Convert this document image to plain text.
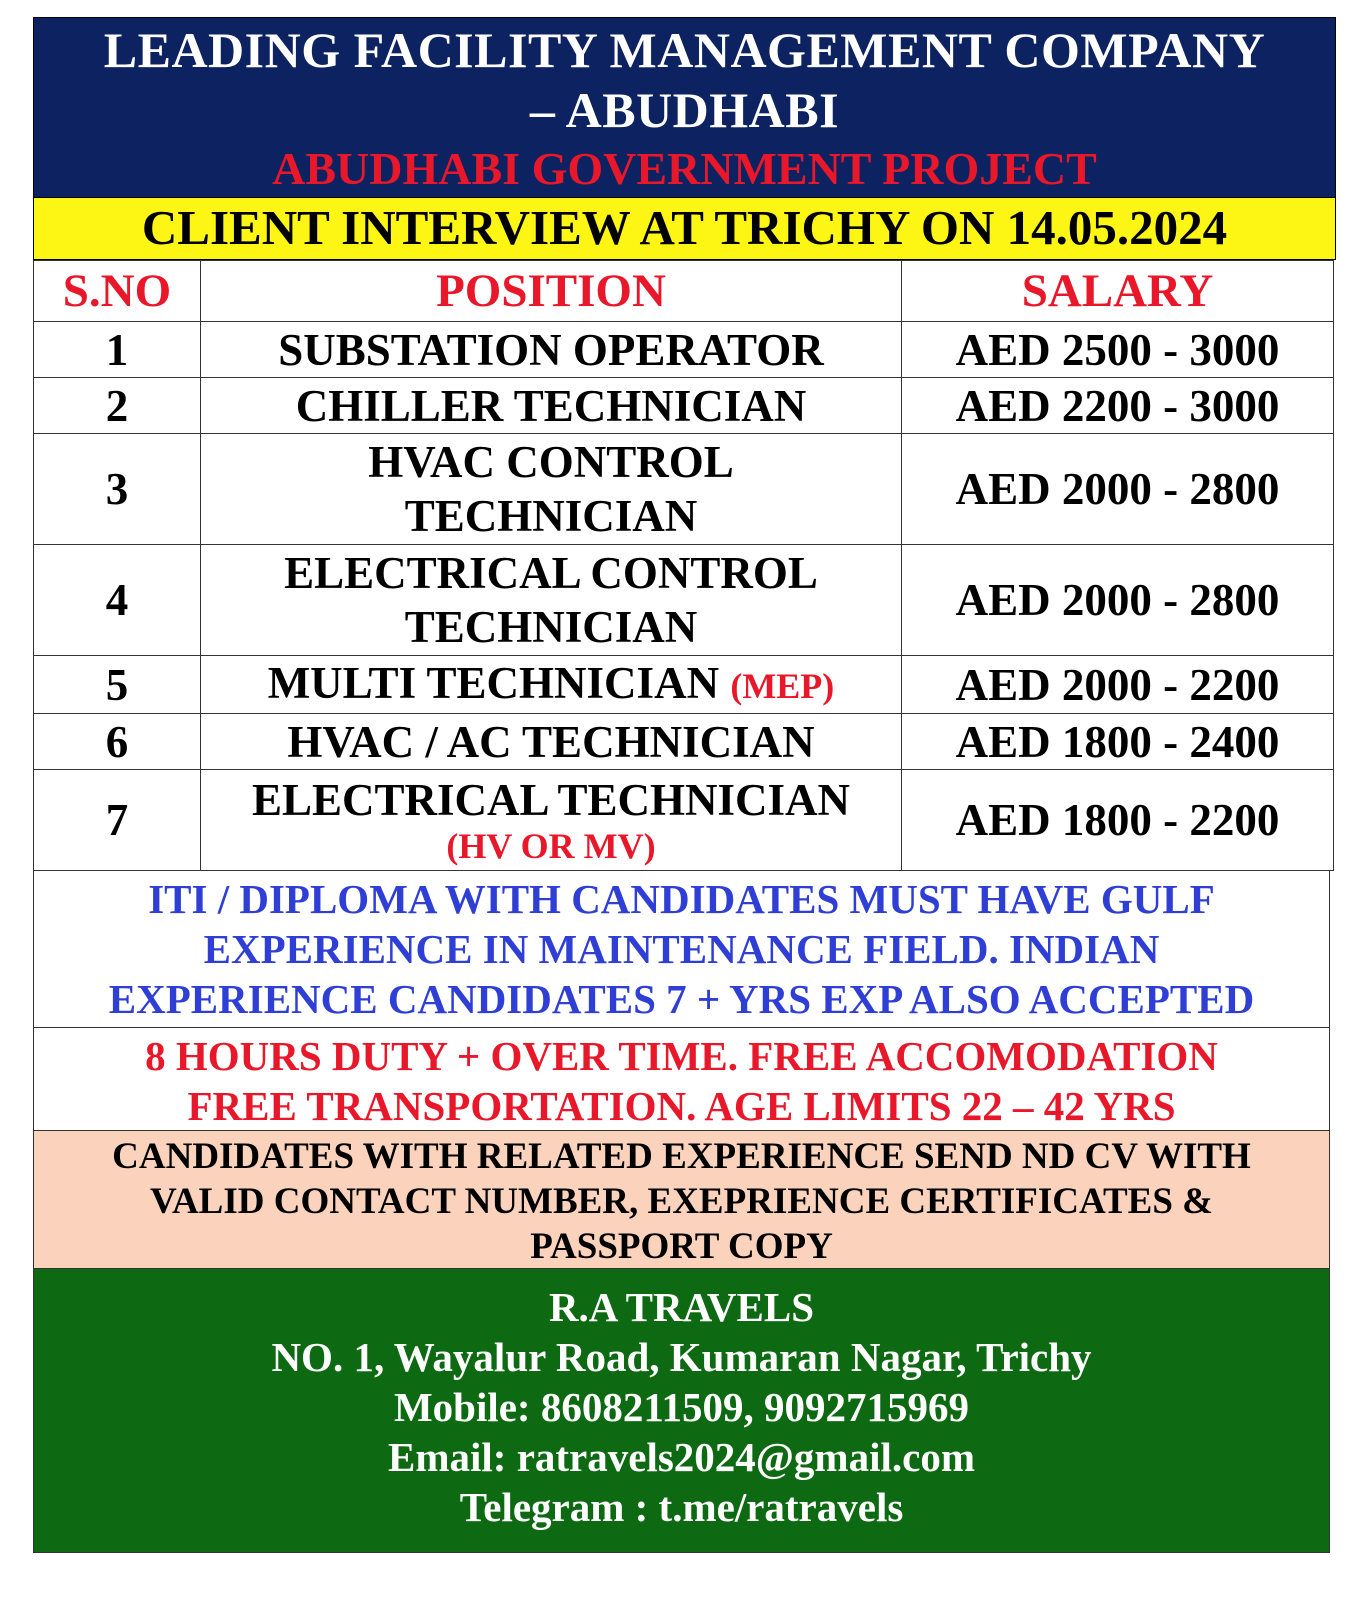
LEADING FACILITY MANAGEMENT COMPANY
– ABUDHABI
ABUDHABI GOVERNMENT PROJECT
CLIENT INTERVIEW AT TRICHY ON 14.05.2024
S.NO	POSITION	SALARY
1	SUBSTATION OPERATOR	AED 2500 - 3000
2	CHILLER TECHNICIAN	AED 2200 - 3000
3	HVAC CONTROL
TECHNICIAN	AED 2000 - 2800
4	ELECTRICAL CONTROL
TECHNICIAN	AED 2000 - 2800
5	MULTI TECHNICIAN (MEP)	AED 2000 - 2200
6	HVAC / AC TECHNICIAN	AED 1800 - 2400
7	ELECTRICAL TECHNICIAN
(HV OR MV)	AED 1800 - 2200
ITI / DIPLOMA WITH CANDIDATES MUST HAVE GULF
EXPERIENCE IN MAINTENANCE FIELD. INDIAN
EXPERIENCE CANDIDATES 7 + YRS EXP ALSO ACCEPTED
8 HOURS DUTY + OVER TIME. FREE ACCOMODATION
FREE TRANSPORTATION. AGE LIMITS 22 – 42 YRS
CANDIDATES WITH RELATED EXPERIENCE SEND ND CV WITH
VALID CONTACT NUMBER, EXEPRIENCE CERTIFICATES &
PASSPORT COPY
R.A TRAVELS
NO. 1, Wayalur Road, Kumaran Nagar, Trichy
Mobile: 8608211509, 9092715969
Email: ratravels2024@gmail.com
Telegram : t.me/ratravels
